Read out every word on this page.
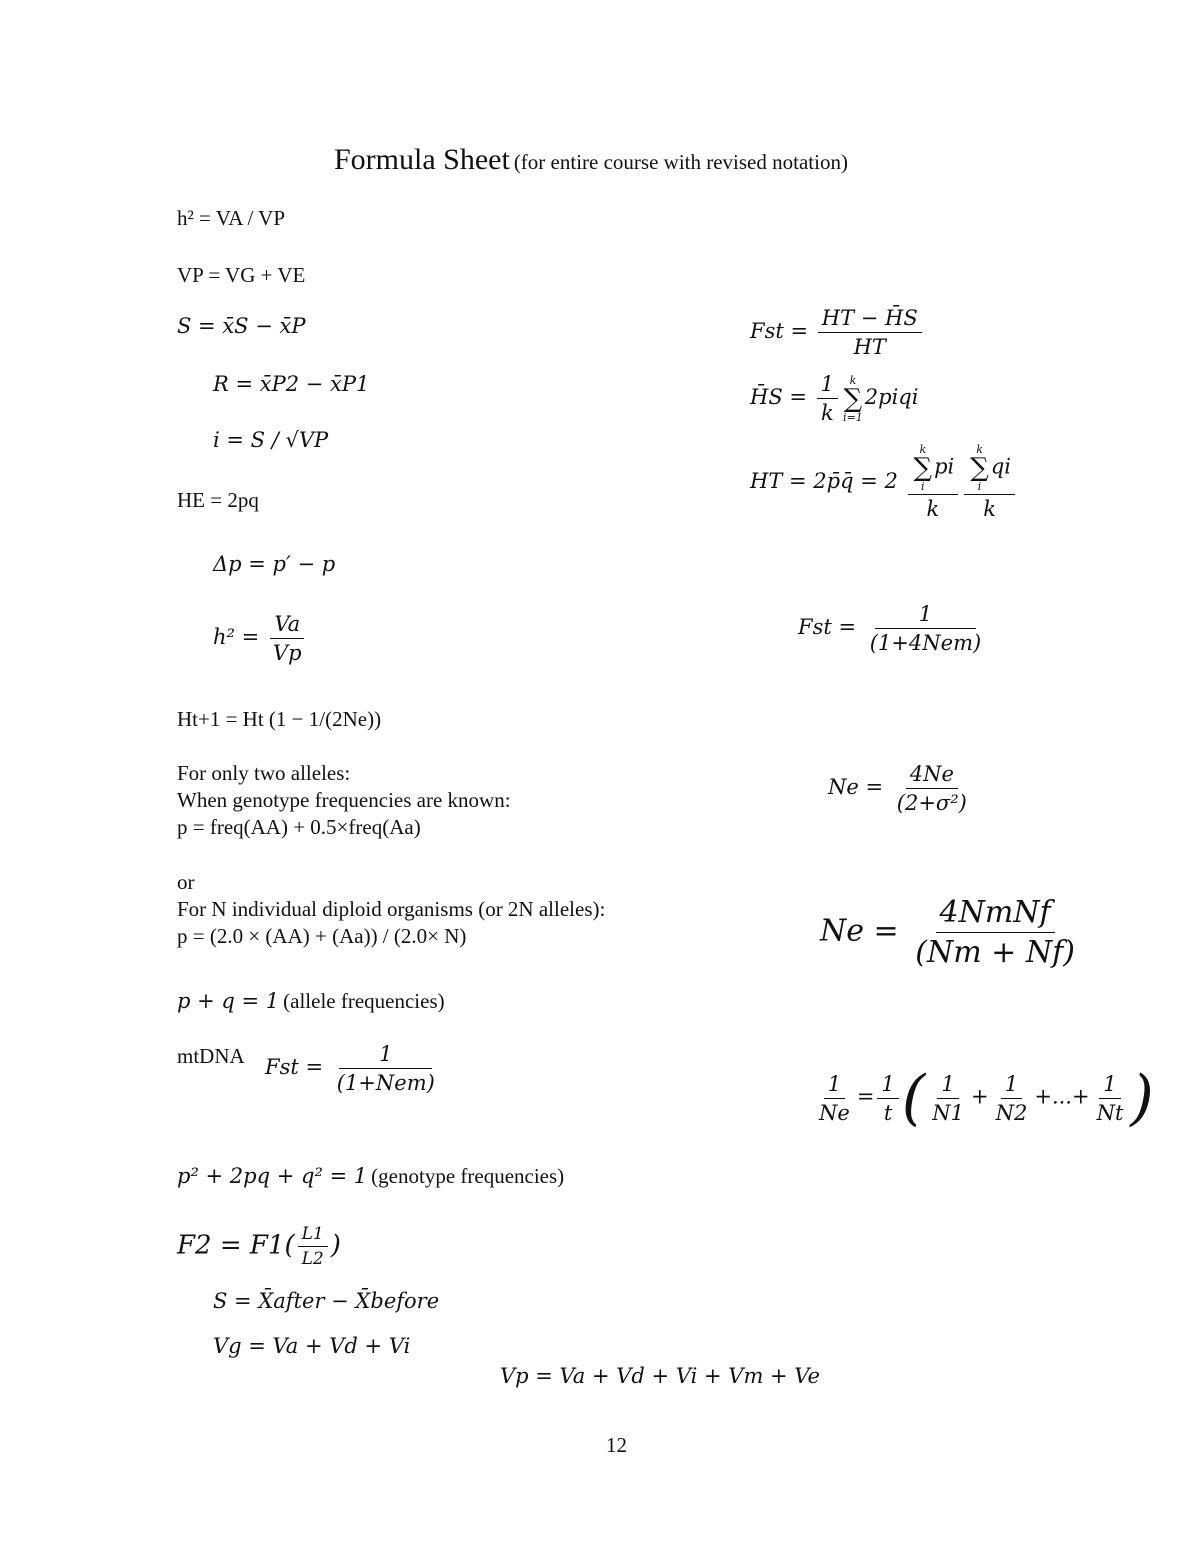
Formula Sheet (for entire course with revised notation)
h² = VA / VP
VP = VG + VE
S = x̄S − x̄P
R = x̄P2 − x̄P1
i = S / √VP
HE = 2pq
Δp = p′ − p
$h^2 = \frac{Va}{Vp}$
Ht+1 = Ht (1 − 1/(2Ne))
For only two alleles:
When genotype frequencies are known:
p = freq(AA) + 0.5×freq(Aa)
or
For N individual diploid organisms (or 2N alleles):
p = (2.0 × (AA) + (Aa)) / (2.0× N)
p + q = 1 (allele frequencies)
mtDNA Fst = $\frac{1}{\text{(1+Nem)}}$
p² + 2pq + q² = 1 (genotype frequencies)
$F2 = F1( \frac{L1}{L2}$ )
S = X̄after − X̄before
Vg = Va + Vd + Vi
Vp = Va + Vd + Vi + Vm + Ve
Fst = $\frac{HT - H̄S}{HT}$
H̄S = $\frac{1}{k}$ k
∑
i=1
2piqi
HT = 2p̄q̄ = 2 k
∑
i
pi
k k
∑
i
qi
k
Fst = $\frac{1}{\text{(1+4Nem)}}$
$Ne = \frac{4Ne}{\text{(2+σ²)}}$
$Ne = \frac{\text{4NmNf}}{(Nm + Nf)}$
$\frac{1}{Ne} = \frac{1}{t}$ ( $\frac{1}{N1} + \frac{1}{N2}$ +...+ $\frac{1}{Nt}$ )
12
